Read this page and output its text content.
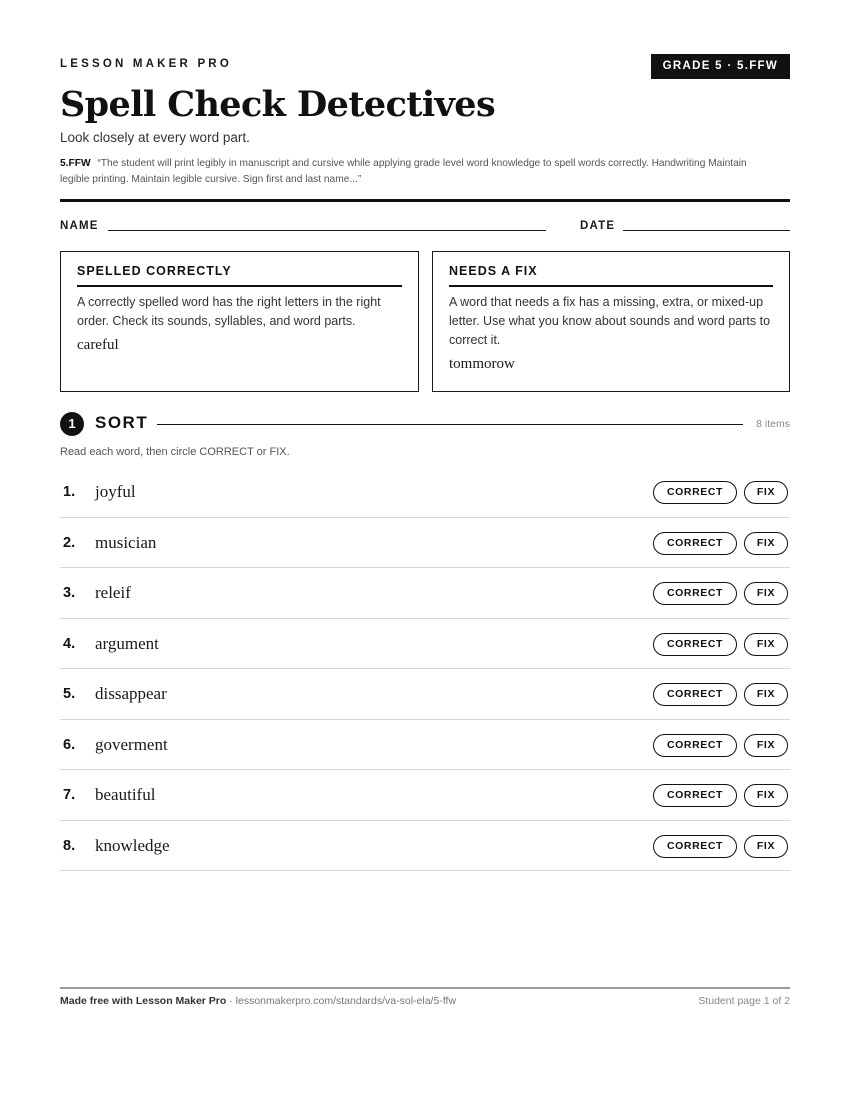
LESSON MAKER PRO	GRADE 5 · 5.FFW
Spell Check Detectives
Look closely at every word part.
5.FFW “The student will print legibly in manuscript and cursive while applying grade level word knowledge to spell words correctly. Handwriting Maintain legible printing. Maintain legible cursive. Sign first and last name...”
NAME	DATE
SPELLED CORRECTLY
A correctly spelled word has the right letters in the right order. Check its sounds, syllables, and word parts.
careful
NEEDS A FIX
A word that needs a fix has a missing, extra, or mixed-up letter. Use what you know about sounds and word parts to correct it.
tommorow
1	SORT	8 items
Read each word, then circle CORRECT or FIX.
1. joyful	CORRECT	FIX
2. musician	CORRECT	FIX
3. releif	CORRECT	FIX
4. argument	CORRECT	FIX
5. dissappear	CORRECT	FIX
6. goverment	CORRECT	FIX
7. beautiful	CORRECT	FIX
8. knowledge	CORRECT	FIX
Made free with Lesson Maker Pro · lessonmakerpro.com/standards/va-sol-ela/5-ffw	Student page 1 of 2
